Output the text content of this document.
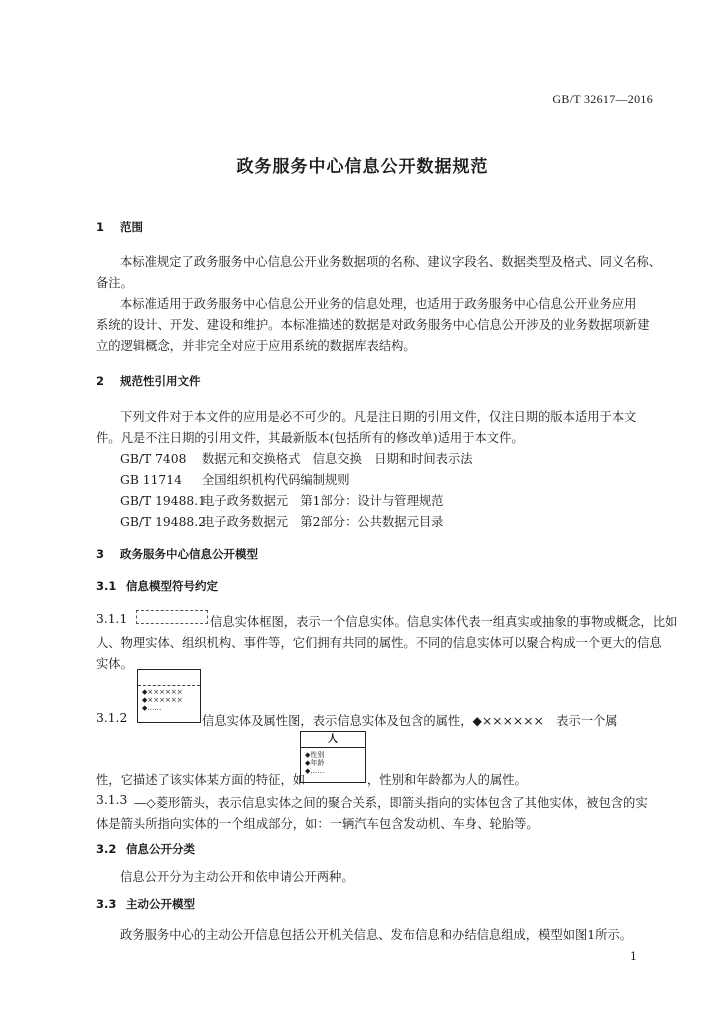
GB/T 32617—2016
政务服务中心信息公开数据规范
1 范围
本标准规定了政务服务中心信息公开业务数据项的名称、建议字段名、数据类型及格式、同义名称、
备注。
本标准适用于政务服务中心信息公开业务的信息处理，也适用于政务服务中心信息公开业务应用
系统的设计、开发、建设和维护。本标准描述的数据是对政务服务中心信息公开涉及的业务数据项新建
立的逻辑概念，并非完全对应于应用系统的数据库表结构。
2 规范性引用文件
下列文件对于本文件的应用是必不可少的。凡是注日期的引用文件，仅注日期的版本适用于本文
件。凡是不注日期的引用文件，其最新版本(包括所有的修改单)适用于本文件。
GB/T 7408 数据元和交换格式　信息交换　日期和时间表示法
GB 11714 全国组织机构代码编制规则
GB/T 19488.1电子政务数据元　第1部分：设计与管理规范
GB/T 19488.2电子政务数据元　第2部分：公共数据元目录
3 政务服务中心信息公开模型
3.1 信息模型符号约定
3.1.1	信息实体框图，表示一个信息实体。信息实体代表一组真实或抽象的事物或概念，比如
人、物理实体、组织机构、事件等，它们拥有共同的属性。不同的信息实体可以聚合构成一个更大的信息
实体。
3.1.2
◆××××××
◆××××××
◆……
信息实体及属性图，表示信息实体及包含的属性，◆××××××　表示一个属
人
◆性别
◆年龄
◆……
性，它描述了该实体某方面的特征，如	，性别和年龄都为人的属性。
3.1.3 —◇菱形箭头，表示信息实体之间的聚合关系，即箭头指向的实体包含了其他实体，被包含的实
体是箭头所指向实体的一个组成部分，如：一辆汽车包含发动机、车身、轮胎等。
3.2 信息公开分类
信息公开分为主动公开和依申请公开两种。
3.3 主动公开模型
政务服务中心的主动公开信息包括公开机关信息、发布信息和办结信息组成，模型如图1所示。
1
